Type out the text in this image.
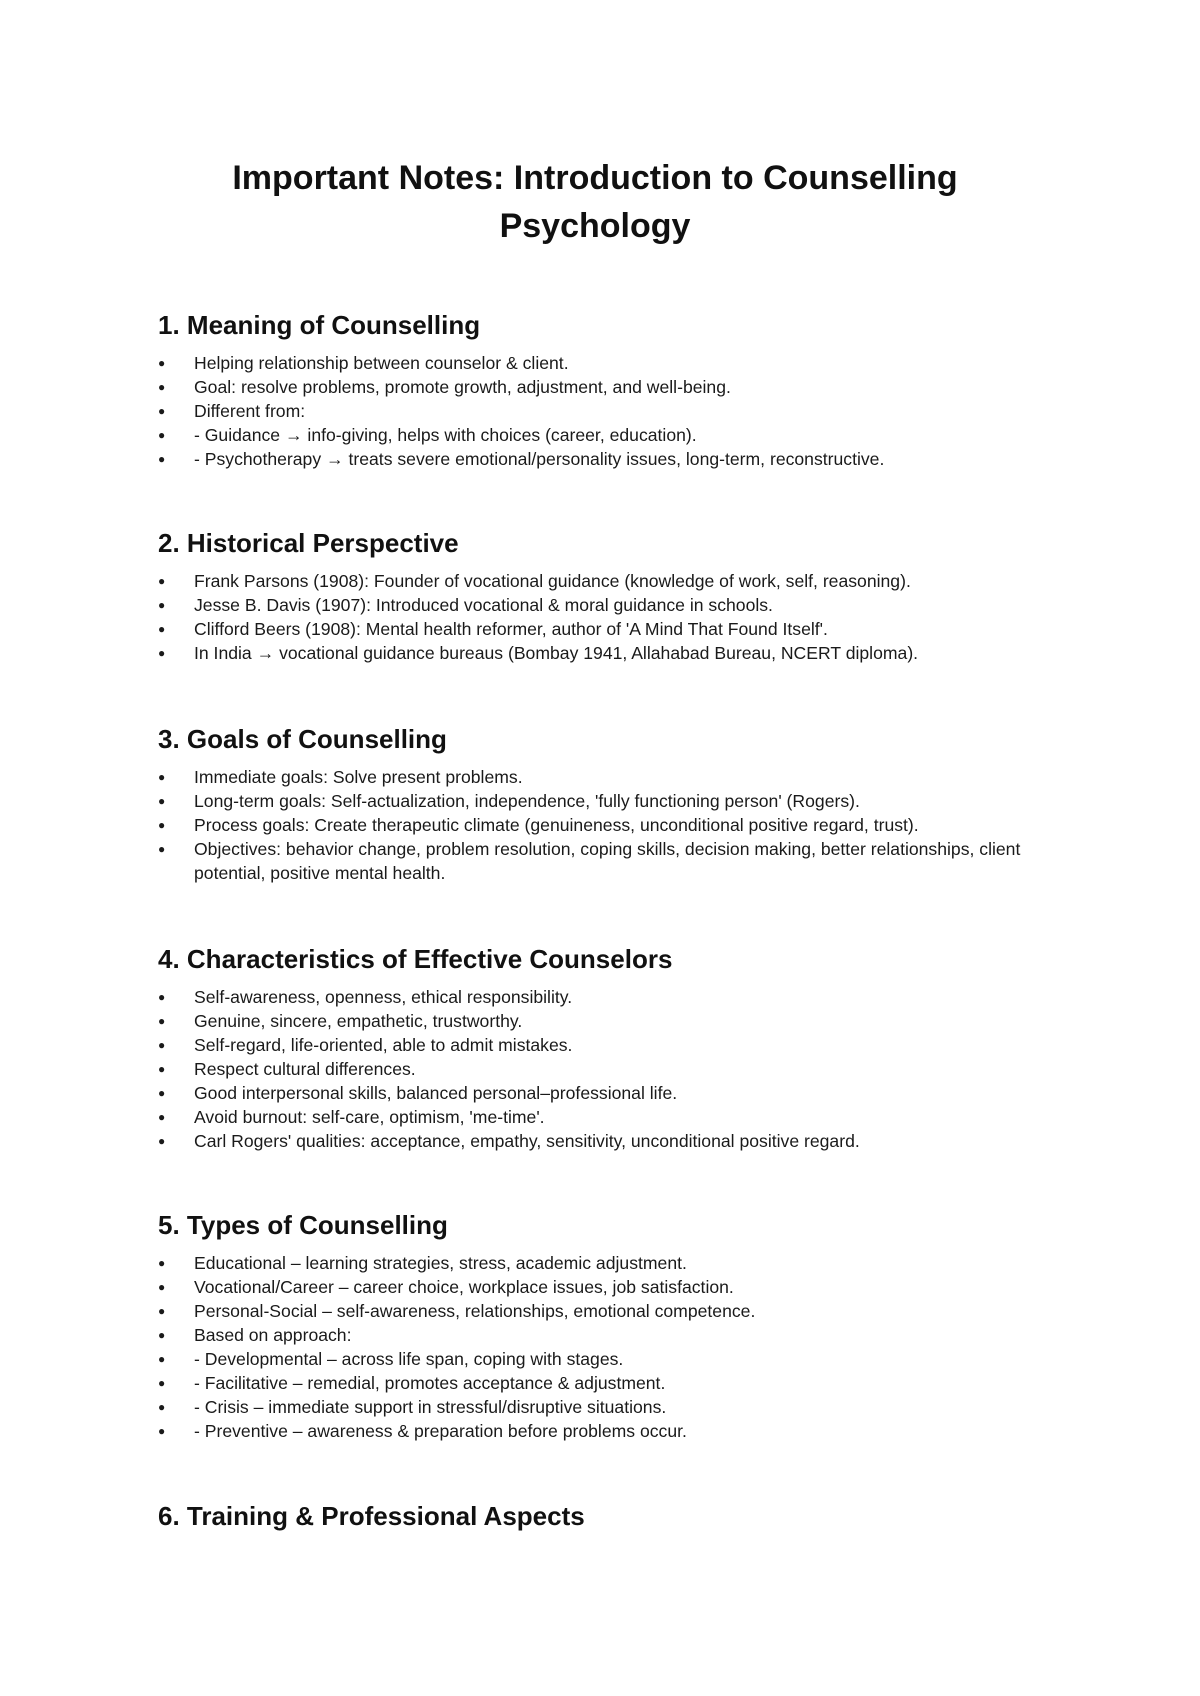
Important Notes: Introduction to Counselling Psychology
1. Meaning of Counselling
●	Helping relationship between counselor & client.
●	Goal: resolve problems, promote growth, adjustment, and well-being.
●	Different from:
●	- Guidance → info-giving, helps with choices (career, education).
●	- Psychotherapy → treats severe emotional/personality issues, long-term, reconstructive.
2. Historical Perspective
●	Frank Parsons (1908): Founder of vocational guidance (knowledge of work, self, reasoning).
●	Jesse B. Davis (1907): Introduced vocational & moral guidance in schools.
●	Clifford Beers (1908): Mental health reformer, author of 'A Mind That Found Itself'.
●	In India → vocational guidance bureaus (Bombay 1941, Allahabad Bureau, NCERT diploma).
3. Goals of Counselling
●	Immediate goals: Solve present problems.
●	Long-term goals: Self-actualization, independence, 'fully functioning person' (Rogers).
●	Process goals: Create therapeutic climate (genuineness, unconditional positive regard, trust).
●	Objectives: behavior change, problem resolution, coping skills, decision making, better relationships, client potential, positive mental health.
4. Characteristics of Effective Counselors
●	Self-awareness, openness, ethical responsibility.
●	Genuine, sincere, empathetic, trustworthy.
●	Self-regard, life-oriented, able to admit mistakes.
●	Respect cultural differences.
●	Good interpersonal skills, balanced personal–professional life.
●	Avoid burnout: self-care, optimism, 'me-time'.
●	Carl Rogers' qualities: acceptance, empathy, sensitivity, unconditional positive regard.
5. Types of Counselling
●	Educational – learning strategies, stress, academic adjustment.
●	Vocational/Career – career choice, workplace issues, job satisfaction.
●	Personal-Social – self-awareness, relationships, emotional competence.
●	Based on approach:
●	- Developmental – across life span, coping with stages.
●	- Facilitative – remedial, promotes acceptance & adjustment.
●	- Crisis – immediate support in stressful/disruptive situations.
●	- Preventive – awareness & preparation before problems occur.
6. Training & Professional Aspects
